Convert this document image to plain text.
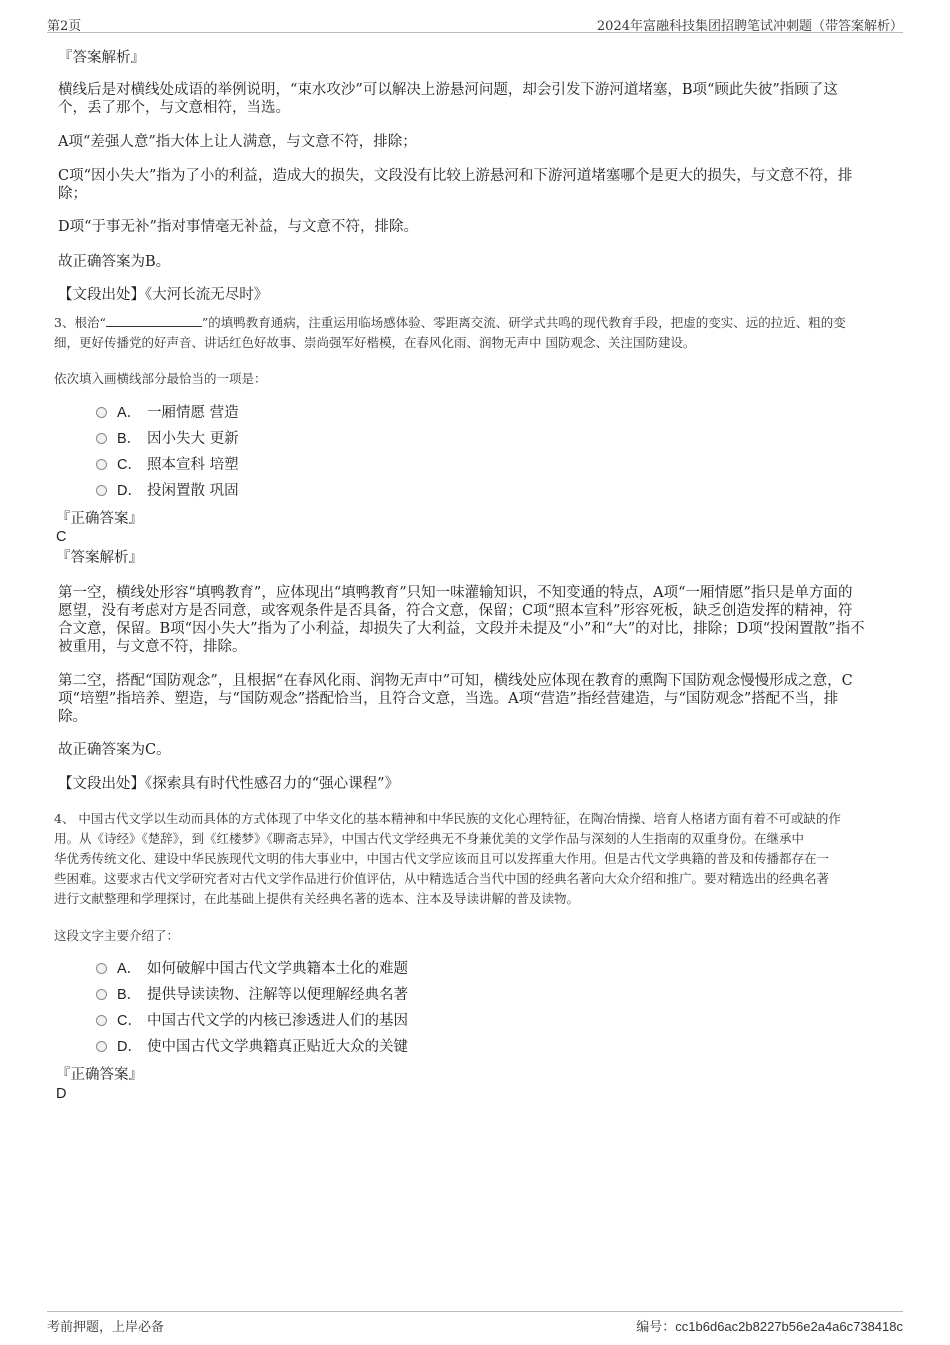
第2页	2024年富融科技集团招聘笔试冲刺题（带答案解析）
『答案解析』
横线后是对横线处成语的举例说明，“束水攻沙”可以解决上游悬河问题，却会引发下游河道堵塞，B项“顾此失彼”指顾了这
个，丢了那个，与文意相符，当选。
A项“差强人意”指大体上让人满意，与文意不符，排除；
C项“因小失大”指为了小的利益，造成大的损失，文段没有比较上游悬河和下游河道堵塞哪个是更大的损失，与文意不符，排
除；
D项“于事无补”指对事情毫无补益，与文意不符，排除。
故正确答案为B。
【文段出处】《大河长流无尽时》
3、根治“	”的填鸭教育通病，注重运用临场感体验、零距离交流、研学式共鸣的现代教育手段，把虚的变实、远的拉近、粗的变
细，更好传播党的好声音、讲话红色好故事、崇尚强军好楷模，在春风化雨、润物无声中 国防观念、关注国防建设。
依次填入画横线部分最恰当的一项是：
A． 一厢情愿 营造
B． 因小失大 更新
C． 照本宣科 培塑
D． 投闲置散 巩固
『正确答案』
C
『答案解析』
第一空，横线处形容“填鸭教育”，应体现出“填鸭教育”只知一味灌输知识，不知变通的特点，A项“一厢情愿”指只是单方面的
愿望，没有考虑对方是否同意，或客观条件是否具备，符合文意，保留；C项“照本宣科”形容死板，缺乏创造发挥的精神，符
合文意，保留。B项“因小失大”指为了小利益，却损失了大利益，文段并未提及“小”和“大”的对比，排除；D项“投闲置散”指不
被重用，与文意不符，排除。
第二空，搭配“国防观念”，且根据“在春风化雨、润物无声中”可知，横线处应体现在教育的熏陶下国防观念慢慢形成之意，C
项“培塑”指培养、塑造，与“国防观念”搭配恰当，且符合文意，当选。A项“营造”指经营建造，与“国防观念”搭配不当，排
除。
故正确答案为C。
【文段出处】《探索具有时代性感召力的“强心课程”》
4、 中国古代文学以生动而具体的方式体现了中华文化的基本精神和中华民族的文化心理特征，在陶冶情操、培育人格诸方面有着不可或缺的作
用。从《诗经》《楚辞》，到《红楼梦》《聊斋志异》，中国古代文学经典无不身兼优美的文学作品与深刻的人生指南的双重身份。在继承中
华优秀传统文化、建设中华民族现代文明的伟大事业中，中国古代文学应该而且可以发挥重大作用。但是古代文学典籍的普及和传播都存在一
些困难。这要求古代文学研究者对古代文学作品进行价值评估，从中精选适合当代中国的经典名著向大众介绍和推广。要对精选出的经典名著
进行文献整理和学理探讨，在此基础上提供有关经典名著的选本、注本及导读讲解的普及读物。
这段文字主要介绍了：
A． 如何破解中国古代文学典籍本土化的难题
B． 提供导读读物、注解等以便理解经典名著
C． 中国古代文学的内核已渗透进人们的基因
D． 使中国古代文学典籍真正贴近大众的关键
『正确答案』
D
考前押题，上岸必备	编号：cc1b6d6ac2b8227b56e2a4a6c738418c
